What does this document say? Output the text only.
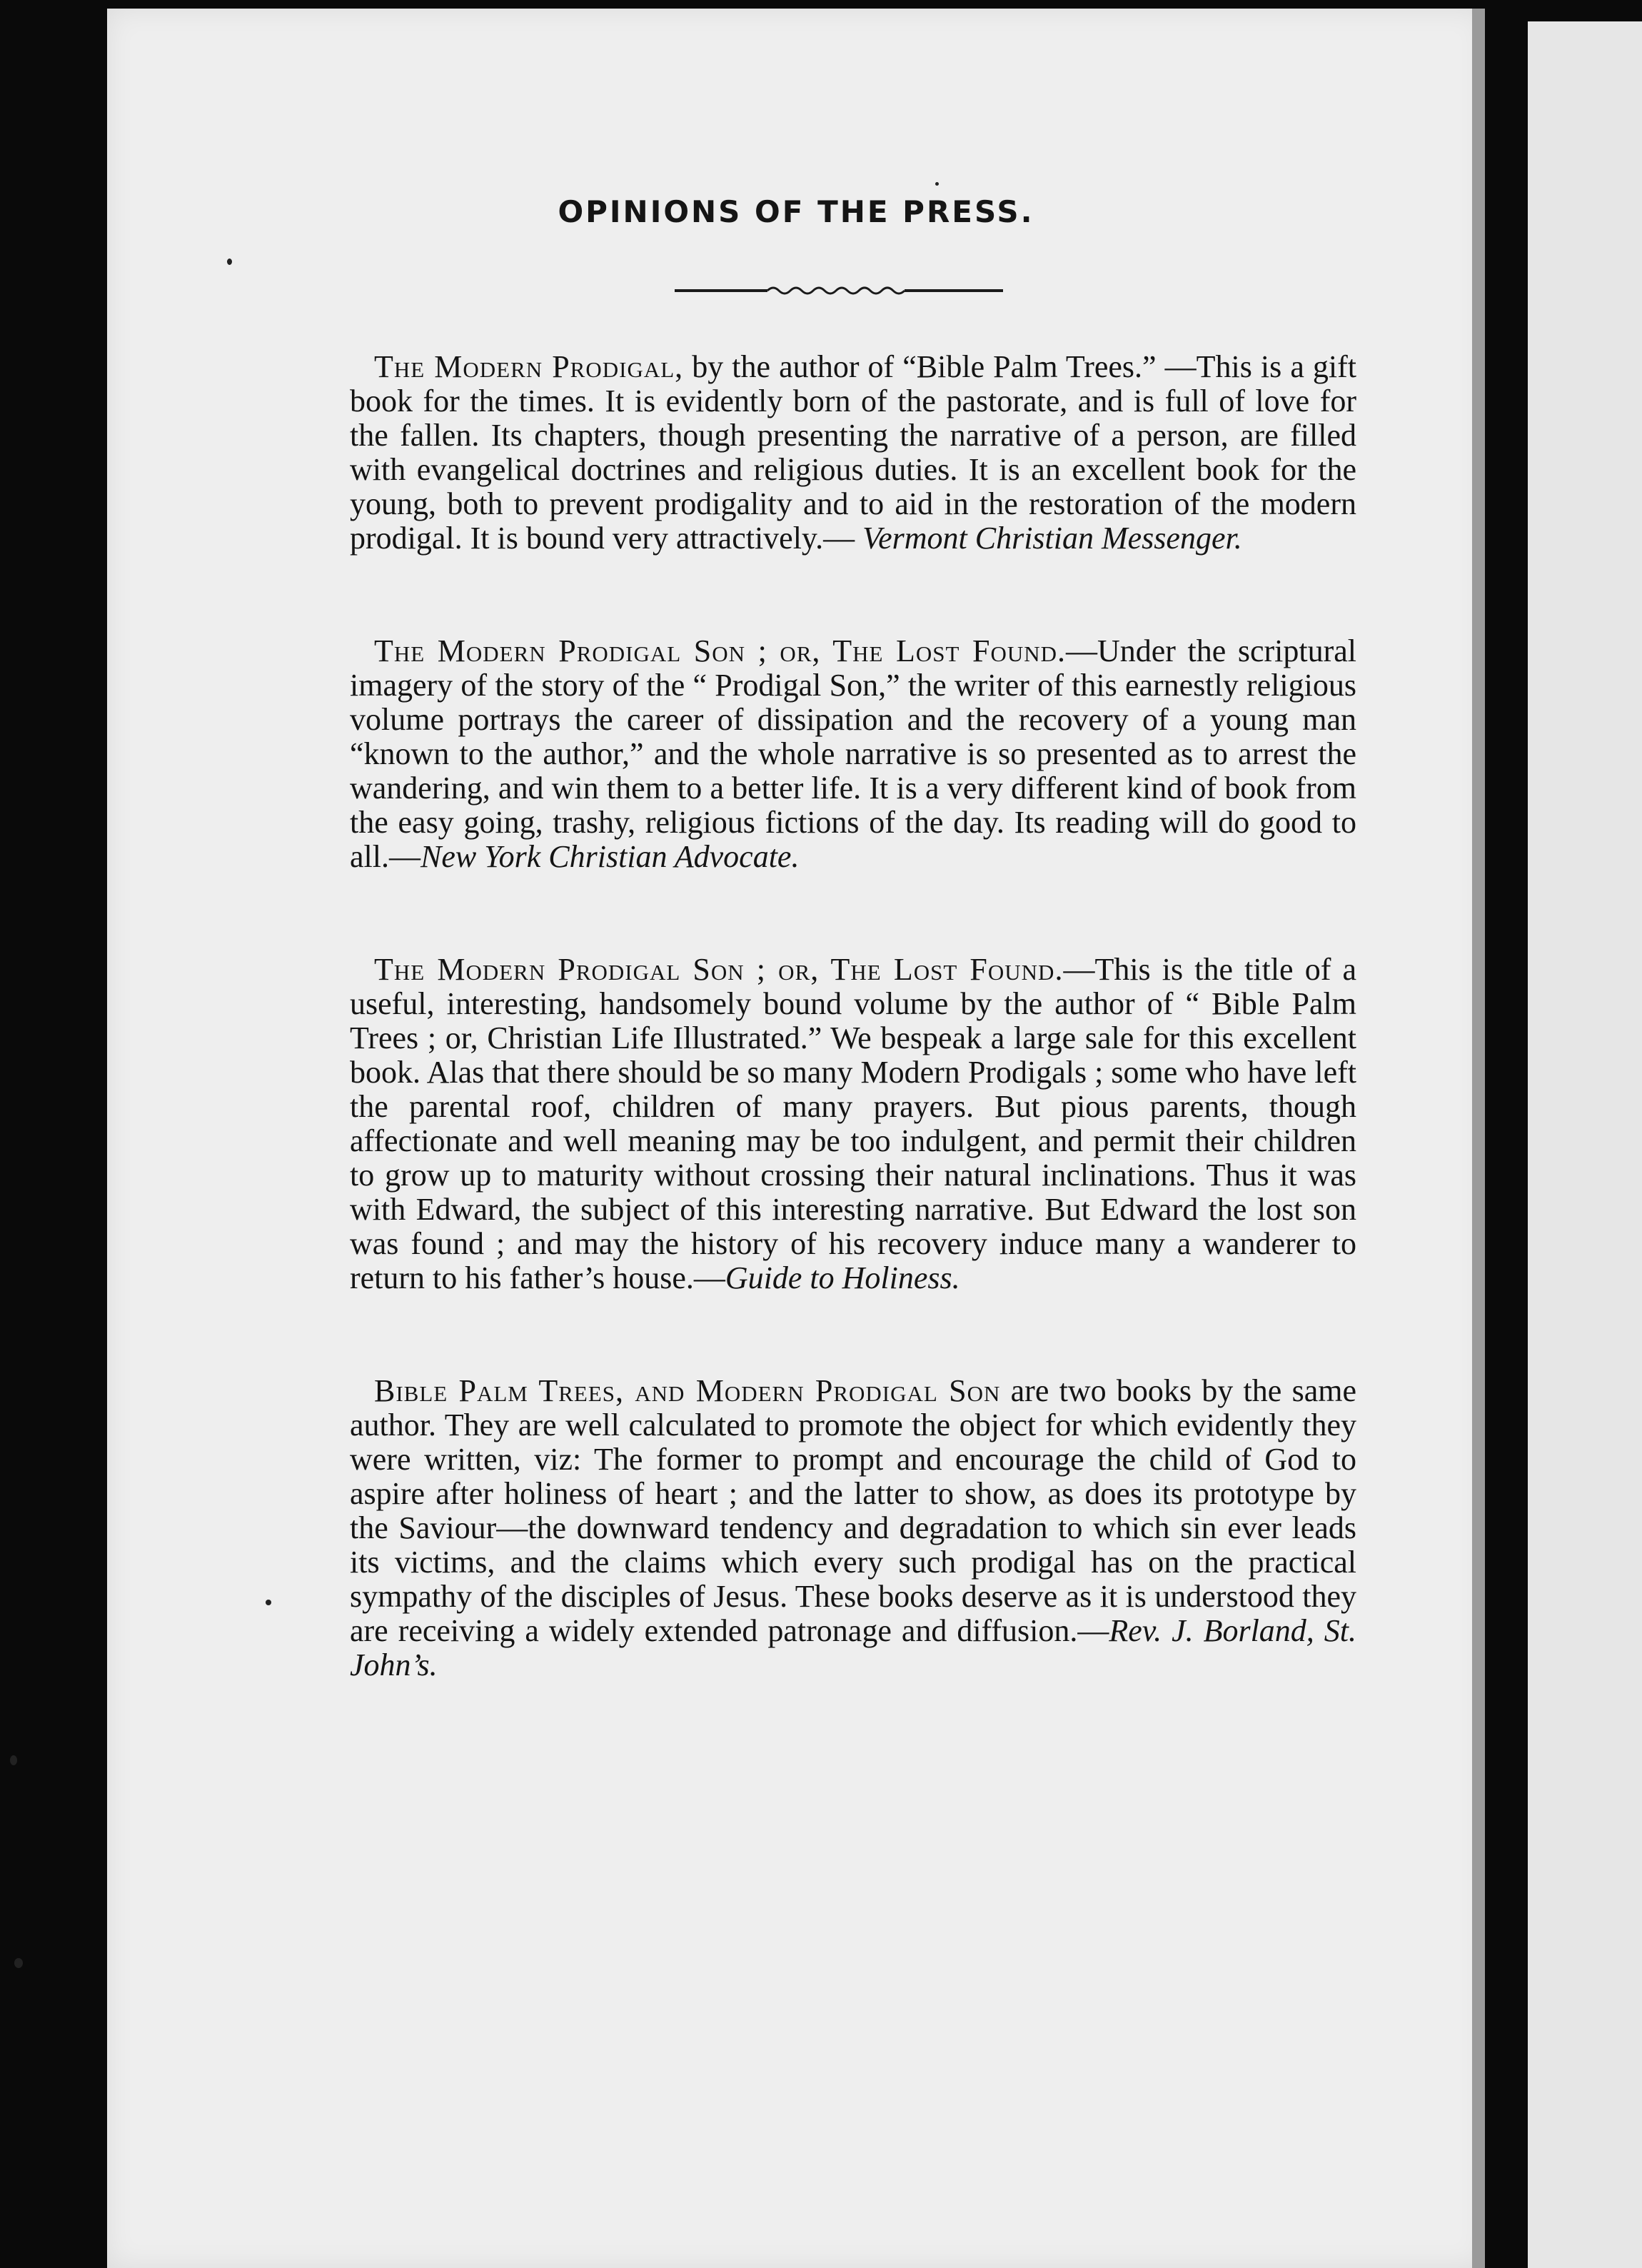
OPINIONS OF THE PRESS.

The Modern Prodigal, by the author of “Bible Palm Trees.” —This is a gift book for the times. It is evidently born of the pastorate, and is full of love for the fallen. Its chapters, though presenting the narrative of a person, are filled with evangelical doctrines and religious duties. It is an excellent book for the young, both to prevent prodigality and to aid in the restoration of the modern prodigal. It is bound very attractively.— Vermont Christian Messenger.

The Modern Prodigal Son ; or, The Lost Found.—Under the scriptural imagery of the story of the “ Prodigal Son,” the writer of this earnestly religious volume portrays the career of dissipation and the recovery of a young man “known to the author,” and the whole narrative is so presented as to arrest the wandering, and win them to a better life. It is a very different kind of book from the easy going, trashy, religious fictions of the day. Its reading will do good to all.—New York Christian Advocate.

The Modern Prodigal Son ; or, The Lost Found.—This is the title of a useful, interesting, handsomely bound volume by the author of “ Bible Palm Trees ; or, Christian Life Illustrated.” We bespeak a large sale for this excellent book. Alas that there should be so many Modern Prodigals ; some who have left the parental roof, children of many prayers. But pious parents, though affectionate and well meaning may be too indulgent, and permit their children to grow up to maturity without crossing their natural inclinations. Thus it was with Edward, the subject of this interesting narrative. But Edward the lost son was found ; and may the history of his recovery induce many a wanderer to return to his father’s house.—Guide to Holiness.

Bible Palm Trees, and Modern Prodigal Son are two books by the same author. They are well calculated to promote the object for which evidently they were written, viz: The former to prompt and encourage the child of God to aspire after holiness of heart ; and the latter to show, as does its prototype by the Saviour—the downward tendency and degradation to which sin ever leads its victims, and the claims which every such prodigal has on the practical sympathy of the disciples of Jesus. These books deserve as it is understood they are receiving a widely extended patronage and diffusion.—Rev. J. Borland, St. John’s.
